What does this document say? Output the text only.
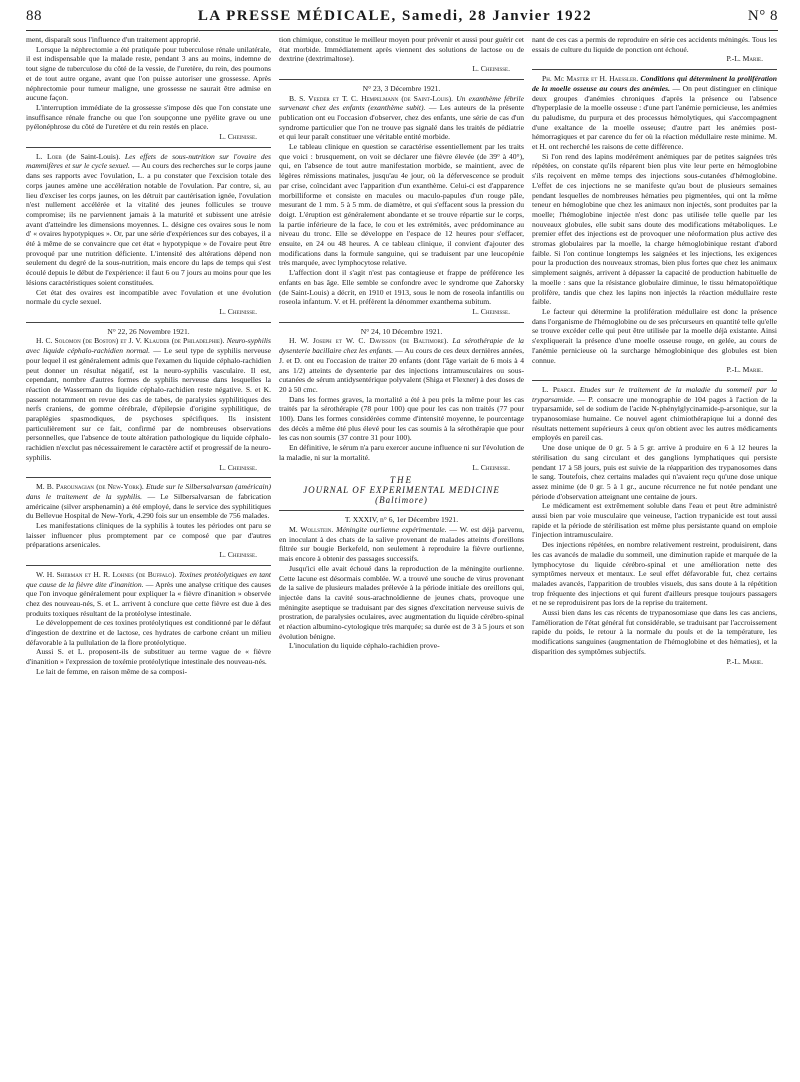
88	LA PRESSE MÉDICALE, Samedi, 28 Janvier 1922	N° 8

ment, disparaît sous l'influence d'un traitement approprié.

Lorsque la néphrectomie a été pratiquée pour tuberculose rénale unilatérale, il est indispensable que la malade reste, pendant 3 ans au moins, indemne de tout signe de tuberculose du côté de la vessie, de l'uretère, du rein, des poumons et de tout autre organe, avant que l'on puisse autoriser une grossesse. Après néphrectomie pour tumeur maligne, une grossesse ne saurait être admise en aucune façon.

L'interruption immédiate de la grossesse s'impose dès que l'on constate une insuffisance rénale franche ou que l'on soupçonne une pyélite grave ou une pyélonéphrose du côté de l'uretère et du rein restés en place.

L. Cheinisse.

L. Loeb (de Saint-Louis). Les effets de sous-nutrition sur l'ovaire des mammifères et sur le cycle sexuel. — Au cours des recherches sur le corps jaune dans ses rapports avec l'ovulation, L. a pu constater que l'excision totale des corps jaunes amène une accélération notable de l'ovulation. Par contre, si, au lieu d'exciser les corps jaunes, on les détruit par cautérisation ignée, l'ovulation n'est nullement accélérée et la vitalité des jeunes follicules se trouve compromise; ils ne parviennent jamais à la maturité et subissent une atrésie avant d'atteindre les dimensions moyennes. L. désigne ces ovaires sous le nom d' « ovaires hypotypiques ». Or, par une série d'expériences sur des cobayes, il a été à même de se convaincre que cet état « hypotypique » de l'ovaire peut être provoqué par une nutrition déficiente. L'intensité des altérations dépend non seulement du degré de la sous-nutrition, mais encore du laps de temps qui s'est écoulé depuis le début de l'expérience: il faut 6 ou 7 jours au moins pour que les lésions caractéristiques soient constituées.

Cet état des ovaires est incompatible avec l'ovulation et une évolution normale du cycle sexuel.

L. Cheinisse.

N° 22, 26 Novembre 1921.

H. C. Solomon (de Boston) et J. V. Klauder (de Philadelphie). Neuro-syphilis avec liquide céphalo-rachidien normal. — Le seul type de syphilis nerveuse pour lequel il est généralement admis que l'examen du liquide céphalo-rachidien peut donner un résultat négatif, est la neuro-syphilis vasculaire. Il est, cependant, nombre d'autres formes de syphilis nerveuse dans lesquelles la réaction de Wassermann du liquide céphalo-rachidien reste négative. S. et K. passent notamment en revue des cas de tabes, de paralysies syphilitiques des nerfs craniens, de gomme cérébrale, d'épilepsie d'origine syphilitique, de paraplégies spasmodiques, de psychoses spécifiques. Ils insistent particulièrement sur ce fait, confirmé par de nombreuses observations personnelles, que l'absence de toute altération pathologique du liquide céphalo-rachidien n'exclut pas nécessairement le caractère actif et progressif de la neuro-syphilis.

L. Cheinisse.

M. B. Parounagian (de New-York). Etude sur le Silbersalvarsan (américain) dans le traitement de la syphilis. — Le Silbersalvarsan de fabrication américaine (silver arsphenamin) a été employé, dans le service des syphilitiques du Bellevue Hospital de New-York, 4.290 fois sur un ensemble de 756 malades.

Les manifestations cliniques de la syphilis à toutes les périodes ont paru se laisser influencer plus promptement par ce composé que par d'autres préparations arsenicales.

L. Cheinisse.

W. H. Sherman et H. R. Lohnes (de Buffalo). Toxines protéolytiques en tant que cause de la fièvre dite d'inanition. — Après une analyse critique des causes que l'on invoque généralement pour expliquer la « fièvre d'inanition » observée chez des nouveau-nés, S. et L. arrivent à conclure que cette fièvre est due à des produits toxiques résultant de la protéolyse intestinale.

Le développement de ces toxines protéolytiques est conditionné par le défaut d'ingestion de dextrine et de lactose, ces hydrates de carbone créant un milieu défavorable à la pullulation de la flore protéolytique.

Aussi S. et L. proposent-ils de substituer au terme vague de « fièvre d'inanition » l'expression de toxémie protéolytique intestinale des nouveau-nés.

Le lait de femme, en raison même de sa composi-

tion chimique, constitue le meilleur moyen pour prévenir et aussi pour guérir cet état morbide. Immédiatement après viennent des solutions de lactose ou de dextrine (dextrimaltose).

L. Cheinisse.

N° 23, 3 Décembre 1921.

B. S. Veeder et T. C. Hempelmann (de Saint-Louis). Un exanthème fébrile survenant chez des enfants (exanthème subit). — Les auteurs de la présente publication ont eu l'occasion d'observer, chez des enfants, une série de cas d'un syndrome particulier que l'on ne trouve pas signalé dans les traités de pédiatrie et qui leur paraît constituer une véritable entité morbide.

Le tableau clinique en question se caractérise essentiellement par les traits que voici : brusquement, on voit se déclarer une fièvre élevée (de 39° à 40°), qui, en l'absence de tout autre manifestation morbide, se maintient, avec de légères rémissions matinales, jusqu'au 4e jour, où la défervescence se produit par crise, coïncidant avec l'apparition d'un exanthème. Celui-ci est d'apparence morbilliforme et consiste en macules ou maculo-papules d'un rouge pâle, mesurant de 1 mm. 5 à 5 mm. de diamètre, et qui s'effacent sous la pression du doigt. L'éruption est généralement abondante et se trouve répartie sur le corps, la partie inférieure de la face, le cou et les extrémités, avec prédominance au niveau du tronc. Elle se développe en l'espace de 12 heures pour s'effacer, ensuite, en 24 ou 48 heures. A ce tableau clinique, il convient d'ajouter des modifications dans la formule sanguine, qui se traduisent par une leucopénie très marquée, avec lymphocytose relative.

L'affection dont il s'agit n'est pas contagieuse et frappe de préférence les enfants en bas âge. Elle semble se confondre avec le syndrome que Zahorsky (de Saint-Louis) a décrit, en 1910 et 1913, sous le nom de roseola infantilis ou roseola infantum. V. et H. préfèrent la dénommer exanthema subitum.

L. Cheinisse.

N° 24, 10 Décembre 1921.

H. W. Joseph et W. C. Davisson (de Baltimore). La sérothérapie de la dysenterie bacillaire chez les enfants. — Au cours de ces deux dernières années, J. et D. ont eu l'occasion de traiter 20 enfants (dont l'âge variait de 6 mois à 4 ans 1/2) atteints de dysenterie par des injections intramusculaires ou sous-cutanées de sérum antidysentérique polyvalent (Shiga et Flexner) à des doses de 20 à 50 cmc.

Dans les formes graves, la mortalité a été à peu près la même pour les cas traités par la sérothérapie (78 pour 100) que pour les cas non traités (77 pour 100). Dans les formes considérées comme d'intensité moyenne, le pourcentage des décès a même été plus élevé pour les cas soumis à la sérothérapie que pour les cas non soumis (37 contre 31 pour 100).

En définitive, le sérum n'a paru exercer aucune influence ni sur l'évolution de la maladie, ni sur la mortalité.

L. Cheinisse.
THE
JOURNAL OF EXPERIMENTAL MEDICINE
(Baltimore)

T. XXXIV, n° 6, 1er Décembre 1921.

M. Wollstein. Méningite ourlienne expérimentale. — W. est déjà parvenu, en inoculant à des chats de la salive provenant de malades atteints d'oreillons filtrée sur bougie Berkefeld, non seulement à reproduire la fièvre ourlienne, mais encore à obtenir des passages successifs.

Jusqu'ici elle avait échoué dans la reproduction de la méningite ourlienne. Cette lacune est désormais comblée. W. a trouvé une souche de virus provenant de la salive de plusieurs malades prélevée à la période initiale des oreillons qui, injectée dans la cavité sous-arachnoïdienne de jeunes chats, provoque une méningite aseptique se traduisant par des signes d'excitation nerveuse suivis de prostration, de paralysies oculaires, avec augmentation du liquide cérébro-spinal et réaction albumino-cytologique très marquée; sa durée est de 3 à 5 jours et son évolution bénigne.

L'inoculation du liquide céphalo-rachidien prove-

nant de ces cas a permis de reproduire en série ces accidents méningés. Tous les essais de culture du liquide de ponction ont échoué.

P.-L. Marie.

Ph. Mc Master et H. Haessler. Conditions qui déterminent la prolifération de la moelle osseuse au cours des anémies. — On peut distinguer en clinique deux groupes d'anémies chroniques d'après la présence ou l'absence d'hyperplasie de la moelle osseuse : d'une part l'anémie pernicieuse, les anémies du paludisme, du purpura et des processus hémolytiques, qui s'accompagnent d'une exaltance de la moelle osseuse; d'autre part les anémies post-hémorragiques et par carence du fer où la réaction médullaire reste minime. M. et H. ont recherché les raisons de cette différence.

Si l'on rend des lapins modérément anémiques par de petites saignées très répétées, on constate qu'ils réparent bien plus vite leur perte en hémoglobine s'ils reçoivent en même temps des injections sous-cutanées d'hémoglobine. L'effet de ces injections ne se manifeste qu'au bout de plusieurs semaines pendant lesquelles de nombreuses hématies peu pigmentées, qui ont la même teneur en hémoglobine que chez les animaux non injectés, sont produites par la moelle; l'hémoglobine injectée n'est donc pas utilisée telle quelle par les nouveaux globules, elle subit sans doute des modifications métaboliques. Le premier effet des injections est de provoquer une néoformation plus active des stromas globulaires par la moelle, la charge hémoglobinique restant d'abord faible. Si l'on continue longtemps les saignées et les injections, les exigences pour la production des nouveaux stromas, bien plus fortes que chez les animaux simplement saignés, arrivent à dépasser la capacité de production habituelle de la moelle : sans que la résistance globulaire diminue, le tissu hématopoïétique prolifère, tandis que chez les lapins non injectés la réaction médullaire reste faible.

Le facteur qui détermine la prolifération médullaire est donc la présence dans l'organisme de l'hémoglobine ou de ses précurseurs en quantité telle qu'elle se trouve excéder celle qui peut être utilisée par la moelle déjà existante. Ainsi s'expliquerait la présence d'une moelle osseuse rouge, en gelée, au cours de l'anémie pernicieuse où la surcharge hémoglobinique des globules est bien connue.

P.-L. Marie.

L. Pearce. Etudes sur le traitement de la maladie du sommeil par la tryparsamide. — P. consacre une monographie de 104 pages à l'action de la tryparsamide, sel de sodium de l'acide N-phénylglycinamide-p-arsonique, sur la trypanosomiase humaine. Ce nouvel agent chimiothérapique lui a donné des résultats nettement supérieurs à ceux qu'on obtient avec les autres médicaments employés en pareil cas.

Une dose unique de 0 gr. 5 à 5 gr. arrive à produire en 6 à 12 heures la stérilisation du sang circulant et des ganglions lymphatiques qui persiste pendant 17 à 58 jours, puis est suivie de la réapparition des trypanosomes dans le sang. Toutefois, chez certains malades qui n'avaient reçu qu'une dose unique assez minime (de 0 gr. 5 à 1 gr., aucune récurrence ne fut notée pendant une période d'observation atteignant une centaine de jours.

Le médicament est extrêmement soluble dans l'eau et peut être administré aussi bien par voie musculaire que veineuse, l'action trypanicide est tout aussi rapide et la période de stérilisation est même plus persistante quand on emploie l'injection intramusculaire.

Des injections répétées, en nombre relativement restreint, produisirent, dans les cas avancés de maladie du sommeil, une diminution rapide et marquée de la lymphocytose du liquide cérébro-spinal et une amélioration nette des symptômes nerveux et mentaux. Le seul effet défavorable fut, chez certains malades avancés, l'apparition de troubles visuels, dus sans doute à la répétition trop fréquente des injections et qui furent d'ailleurs presque toujours passagers et ne se reproduisirent pas lors de la reprise du traitement.

Aussi bien dans les cas récents de trypanosomiase que dans les cas anciens, l'amélioration de l'état général fut considérable, se traduisant par l'accroissement rapide du poids, le retour à la normale du pouls et de la température, les modifications sanguines (augmentation de l'hémoglobine et des hématies), et la disparition des symptômes subjectifs.

P.-L. Marie.
